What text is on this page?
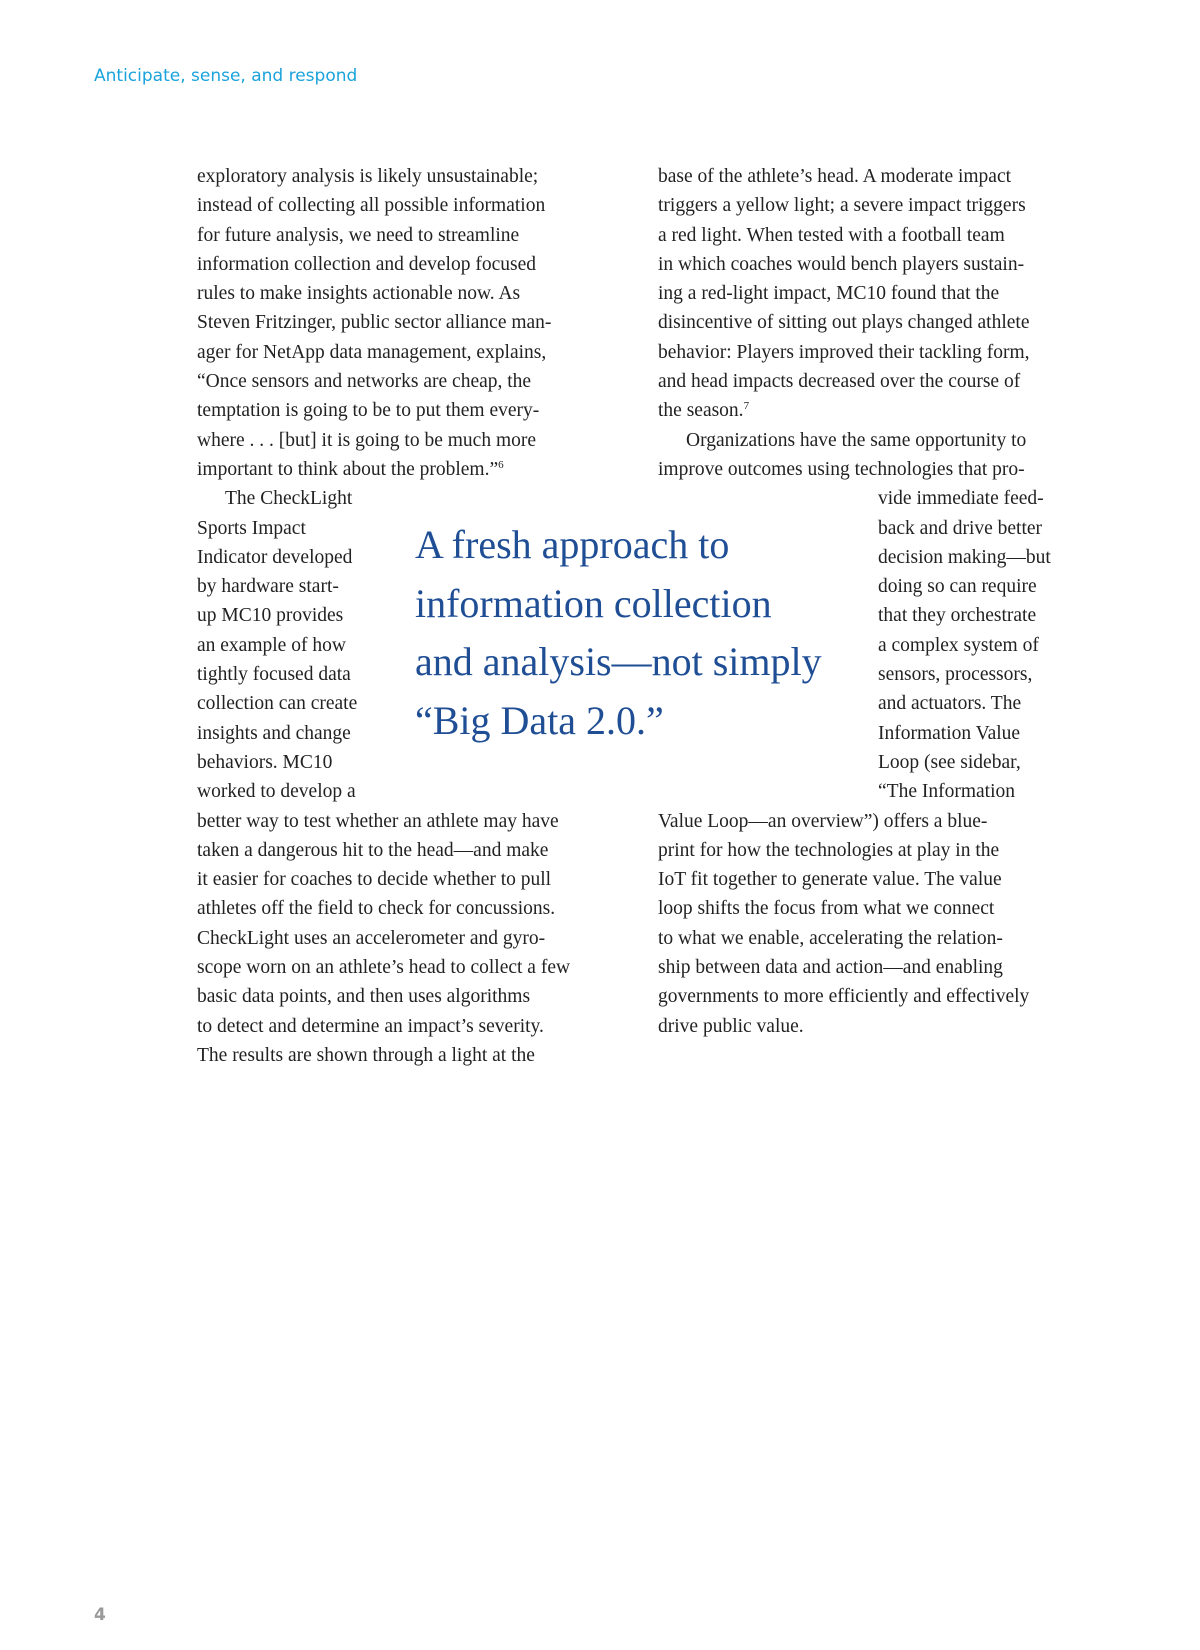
Anticipate, sense, and respond

exploratory analysis is likely unsustainable;
instead of collecting all possible information
for future analysis, we need to streamline
information collection and develop focused
rules to make insights actionable now. As
Steven Fritzinger, public sector alliance man-
ager for NetApp data management, explains,
“Once sensors and networks are cheap, the
temptation is going to be to put them every-
where . . . [but] it is going to be much more
important to think about the problem.”$^6$
The CheckLight
Sports Impact
Indicator developed
by hardware start-
up MC10 provides
an example of how
tightly focused data
collection can create
insights and change
behaviors. MC10
worked to develop a
better way to test whether an athlete may have
taken a dangerous hit to the head—and make
it easier for coaches to decide whether to pull
athletes off the field to check for concussions.
CheckLight uses an accelerometer and gyro-
scope worn on an athlete’s head to collect a few
basic data points, and then uses algorithms
to detect and determine an impact’s severity.
The results are shown through a light at the
base of the athlete’s head. A moderate impact
triggers a yellow light; a severe impact triggers
a red light. When tested with a football team
in which coaches would bench players sustain-
ing a red-light impact, MC10 found that the
disincentive of sitting out plays changed athlete
behavior: Players improved their tackling form,
and head impacts decreased over the course of
the season.$^7$
Organizations have the same opportunity to
improve outcomes using technologies that pro-
vide immediate feed-
back and drive better
decision making—but
doing so can require
that they orchestrate
a complex system of
sensors, processors,
and actuators. The
Information Value
Loop (see sidebar,
“The Information
Value Loop—an overview”) offers a blue-
print for how the technologies at play in the
IoT fit together to generate value. The value
loop shifts the focus from what we connect
to what we enable, accelerating the relation-
ship between data and action—and enabling
governments to more efficiently and effectively
drive public value.
A fresh approach to
information collection
and analysis—not simply
“Big Data 2.0.”

4
